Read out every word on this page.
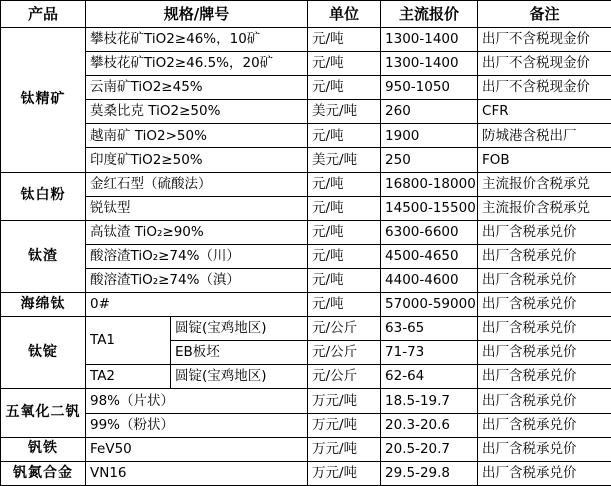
产品	规格/牌号		单位	主流报价	备注
钛精矿	攀枝花矿TiO2≥46%，10矿		元/吨	1300-1400	出厂不含税现金价
	攀枝花矿TiO2≥46.5%，20矿		元/吨	1300-1400	出厂不含税现金价
	云南矿TiO2≥45%		元/吨	950-1050	出厂不含税现金价
	莫桑比克 TiO2≥50%		美元/吨	260	CFR
	越南矿 TiO2>50%		元/吨	1900	防城港含税出厂
	印度矿TiO2≥50%		美元/吨	250	FOB
钛白粉	金红石型（硫酸法）		元/吨	16800-18000	主流报价含税承兑
	锐钛型		元/吨	14500-15500	主流报价含税承兑
钛渣	高钛渣 TiO₂≥90%		元/吨	6300-6600	出厂含税承兑价
	酸溶渣TiO₂≥74%（川）		元/吨	4500-4650	出厂含税承兑价
	酸溶渣TiO₂≥74%（滇）		元/吨	4400-4600	出厂含税承兑价
海绵钛	0#		元/吨	57000-59000	出厂含税承兑价
钛锭	TA1	圆锭(宝鸡地区)	元/公斤	63-65	出厂含税承兑价
		EB板坯	元/公斤	71-73	出厂含税承兑价
	TA2	圆锭(宝鸡地区)	元/公斤	62-64	出厂含税承兑价
五氧化二钒	98%（片状）		万元/吨	18.5-19.7	出厂含税承兑价
	99%（粉状）		万元/吨	20.3-20.6	出厂含税承兑价
钒铁	FeV50		万元/吨	20.5-20.7	出厂含税承兑价
钒氮合金	VN16		万元/吨	29.5-29.8	出厂含税承兑价
